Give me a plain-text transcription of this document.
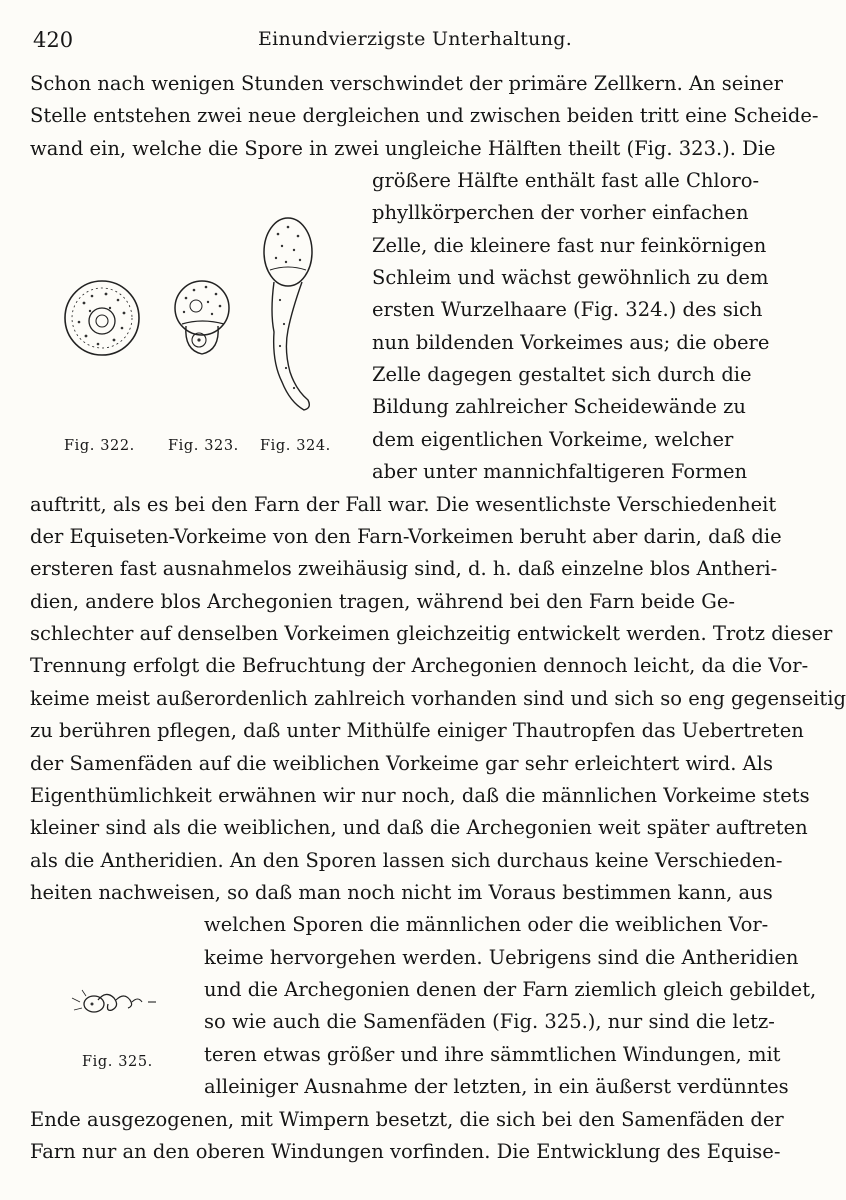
420	Einundvierzigste Unterhaltung.
Schon nach wenigen Stunden verschwindet der primäre Zellkern. An seiner
Stelle entstehen zwei neue dergleichen und zwischen beiden tritt eine Scheide-
wand ein, welche die Spore in zwei ungleiche Hälften theilt (Fig. 323.). Die
größere Hälfte enthält fast alle Chloro-
phyllkörperchen der vorher einfachen
Zelle, die kleinere fast nur feinkörnigen
Schleim und wächst gewöhnlich zu dem
ersten Wurzelhaare (Fig. 324.) des sich
nun bildenden Vorkeimes aus; die obere
Zelle dagegen gestaltet sich durch die
Bildung zahlreicher Scheidewände zu
dem eigentlichen Vorkeime, welcher
aber unter mannichfaltigeren Formen
auftritt, als es bei den Farn der Fall war. Die wesentlichste Verschiedenheit
der Equiseten-Vorkeime von den Farn-Vorkeimen beruht aber darin, daß die
ersteren fast ausnahmelos zweihäusig sind, d. h. daß einzelne blos Antheri-
dien, andere blos Archegonien tragen, während bei den Farn beide Ge-
schlechter auf denselben Vorkeimen gleichzeitig entwickelt werden. Trotz dieser
Trennung erfolgt die Befruchtung der Archegonien dennoch leicht, da die Vor-
keime meist außerordenlich zahlreich vorhanden sind und sich so eng gegenseitig
zu berühren pflegen, daß unter Mithülfe einiger Thautropfen das Uebertreten
der Samenfäden auf die weiblichen Vorkeime gar sehr erleichtert wird. Als
Eigenthümlichkeit erwähnen wir nur noch, daß die männlichen Vorkeime stets
kleiner sind als die weiblichen, und daß die Archegonien weit später auftreten
als die Antheridien. An den Sporen lassen sich durchaus keine Verschieden-
heiten nachweisen, so daß man noch nicht im Voraus bestimmen kann, aus
welchen Sporen die männlichen oder die weiblichen Vor-
keime hervorgehen werden. Uebrigens sind die Antheridien
und die Archegonien denen der Farn ziemlich gleich gebildet,
so wie auch die Samenfäden (Fig. 325.), nur sind die letz-
teren etwas größer und ihre sämmtlichen Windungen, mit
alleiniger Ausnahme der letzten, in ein äußerst verdünntes
Ende ausgezogenen, mit Wimpern besetzt, die sich bei den Samenfäden der
Farn nur an den oberen Windungen vorfinden. Die Entwicklung des Equise-
Fig. 322. Fig. 323. Fig. 324.
Fig. 325.
